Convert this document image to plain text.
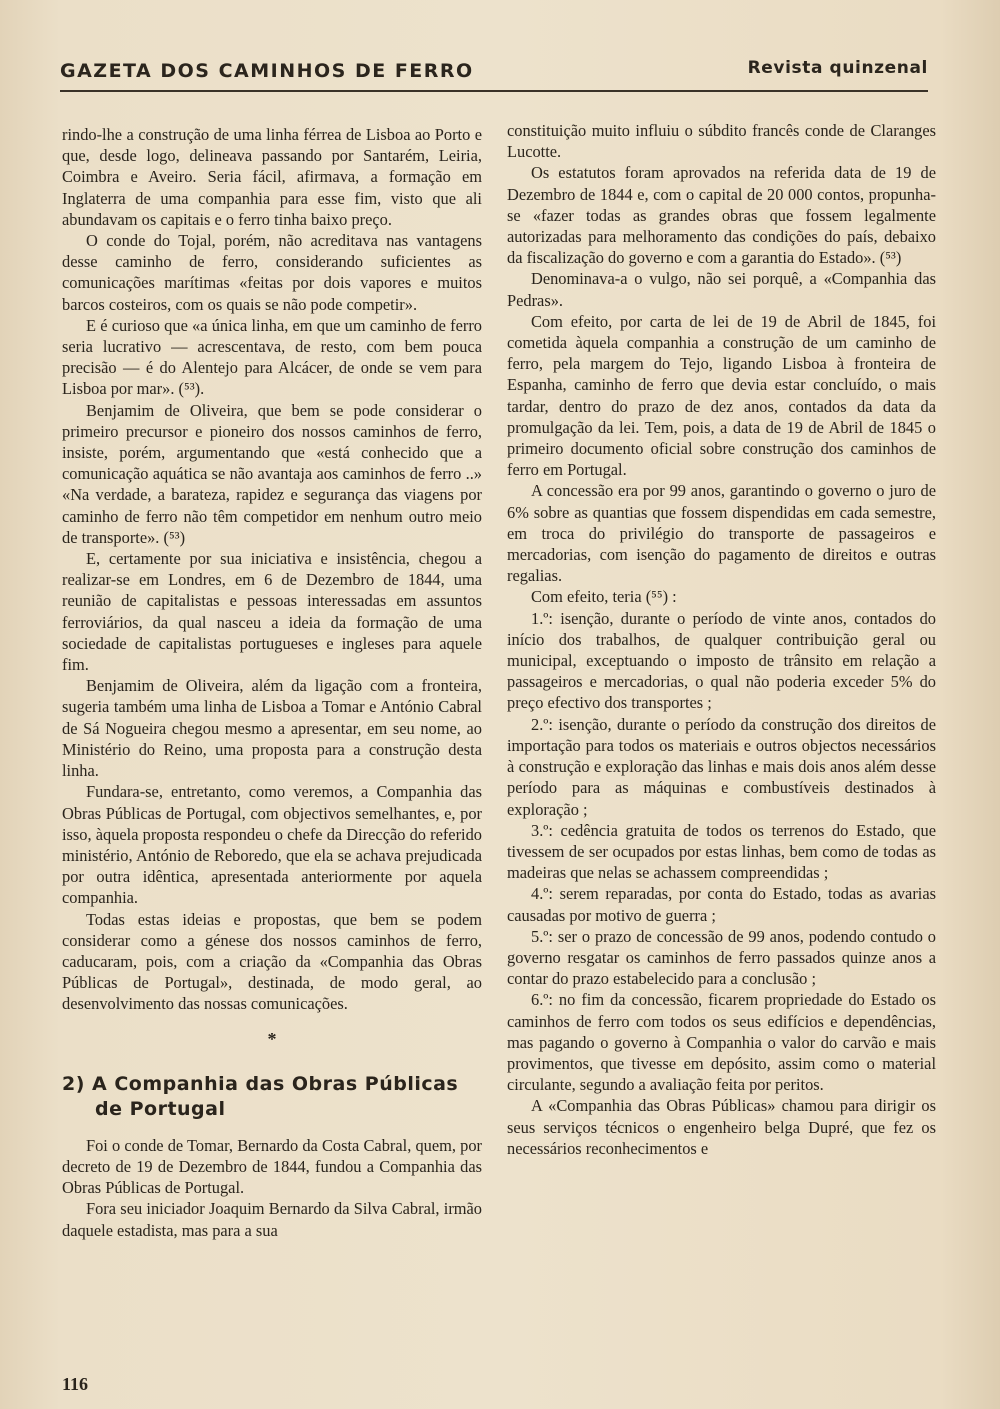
GAZETA DOS CAMINHOS DE FERRO	Revista quinzenal

rindo-lhe a construção de uma linha férrea de Lisboa ao Porto e que, desde logo, delineava passando por Santarém, Leiria, Coimbra e Aveiro. Seria fácil, afirmava, a formação em Inglaterra de uma companhia para esse fim, visto que ali abundavam os capitais e o ferro tinha baixo preço.

O conde do Tojal, porém, não acreditava nas vantagens desse caminho de ferro, considerando suficientes as comunicações marítimas «feitas por dois vapores e muitos barcos costeiros, com os quais se não pode competir».

E é curioso que «a única linha, em que um caminho de ferro seria lucrativo — acrescentava, de resto, com bem pouca precisão — é do Alentejo para Alcácer, de onde se vem para Lisboa por mar». (⁵³).

Benjamim de Oliveira, que bem se pode considerar o primeiro precursor e pioneiro dos nossos caminhos de ferro, insiste, porém, argumentando que «está conhecido que a comunicação aquática se não avantaja aos caminhos de ferro ..» «Na verdade, a barateza, rapidez e segurança das viagens por caminho de ferro não têm competidor em nenhum outro meio de transporte». (⁵³)

E, certamente por sua iniciativa e insistência, chegou a realizar-se em Londres, em 6 de Dezembro de 1844, uma reunião de capitalistas e pessoas interessadas em assuntos ferroviários, da qual nasceu a ideia da formação de uma sociedade de capitalistas portugueses e ingleses para aquele fim.

Benjamim de Oliveira, além da ligação com a fronteira, sugeria também uma linha de Lisboa a Tomar e António Cabral de Sá Nogueira chegou mesmo a apresentar, em seu nome, ao Ministério do Reino, uma proposta para a construção desta linha.

Fundara-se, entretanto, como veremos, a Companhia das Obras Públicas de Portugal, com objectivos semelhantes, e, por isso, àquela proposta respondeu o chefe da Direcção do referido ministério, António de Reboredo, que ela se achava prejudicada por outra idêntica, apresentada anteriormente por aquela companhia.

Todas estas ideias e propostas, que bem se podem considerar como a génese dos nossos caminhos de ferro, caducaram, pois, com a criação da «Companhia das Obras Públicas de Portugal», destinada, de modo geral, ao desenvolvimento das nossas comunicações.

*
2) A Companhia das Obras Públicas
de Portugal

Foi o conde de Tomar, Bernardo da Costa Cabral, quem, por decreto de 19 de Dezembro de 1844, fundou a Companhia das Obras Públicas de Portugal.

Fora seu iniciador Joaquim Bernardo da Silva Cabral, irmão daquele estadista, mas para a sua

constituição muito influiu o súbdito francês conde de Claranges Lucotte.

Os estatutos foram aprovados na referida data de 19 de Dezembro de 1844 e, com o capital de 20 000 contos, propunha-se «fazer todas as grandes obras que fossem legalmente autorizadas para melhoramento das condições do país, debaixo da fiscalização do governo e com a garantia do Estado». (⁵³)

Denominava-a o vulgo, não sei porquê, a «Companhia das Pedras».

Com efeito, por carta de lei de 19 de Abril de 1845, foi cometida àquela companhia a construção de um caminho de ferro, pela margem do Tejo, ligando Lisboa à fronteira de Espanha, caminho de ferro que devia estar concluído, o mais tardar, dentro do prazo de dez anos, contados da data da promulgação da lei. Tem, pois, a data de 19 de Abril de 1845 o primeiro documento oficial sobre construção dos caminhos de ferro em Portugal.

A concessão era por 99 anos, garantindo o governo o juro de 6% sobre as quantias que fossem dispendidas em cada semestre, em troca do privilégio do transporte de passageiros e mercadorias, com isenção do pagamento de direitos e outras regalias.

Com efeito, teria (⁵⁵) :

1.º: isenção, durante o período de vinte anos, contados do início dos trabalhos, de qualquer contribuição geral ou municipal, exceptuando o imposto de trânsito em relação a passageiros e mercadorias, o qual não poderia exceder 5% do preço efectivo dos transportes ;

2.º: isenção, durante o período da construção dos direitos de importação para todos os materiais e outros objectos necessários à construção e exploração das linhas e mais dois anos além desse período para as máquinas e combustíveis destinados à exploração ;

3.º: cedência gratuita de todos os terrenos do Estado, que tivessem de ser ocupados por estas linhas, bem como de todas as madeiras que nelas se achassem compreendidas ;

4.º: serem reparadas, por conta do Estado, todas as avarias causadas por motivo de guerra ;

5.º: ser o prazo de concessão de 99 anos, podendo contudo o governo resgatar os caminhos de ferro passados quinze anos a contar do prazo estabelecido para a conclusão ;

6.º: no fim da concessão, ficarem propriedade do Estado os caminhos de ferro com todos os seus edifícios e dependências, mas pagando o governo à Companhia o valor do carvão e mais provimentos, que tivesse em depósito, assim como o material circulante, segundo a avaliação feita por peritos.

A «Companhia das Obras Públicas» chamou para dirigir os seus serviços técnicos o engenheiro belga Dupré, que fez os necessários reconhecimentos e

116
